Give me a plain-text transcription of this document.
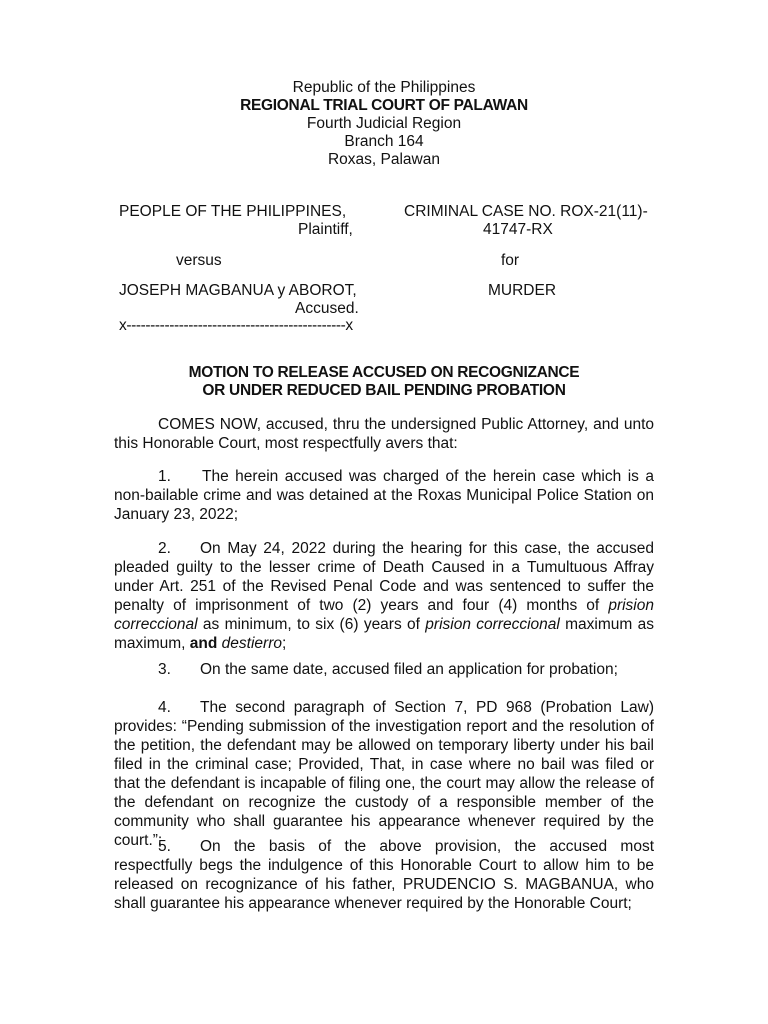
Republic of the Philippines
REGIONAL TRIAL COURT OF PALAWAN
Fourth Judicial Region
Branch 164
Roxas, Palawan
PEOPLE OF THE PHILIPPINES,
Plaintiff,
versus
JOSEPH MAGBANUA y ABOROT,
Accused.
x----------------------------------------------x
CRIMINAL CASE NO. ROX-21(11)-
41747-RX
for
MURDER
MOTION TO RELEASE ACCUSED ON RECOGNIZANCE
OR UNDER REDUCED BAIL PENDING PROBATION

COMES NOW, accused, thru the undersigned Public Attorney, and unto this Honorable Court, most respectfully avers that:

1. The herein accused was charged of the herein case which is a non-bailable crime and was detained at the Roxas Municipal Police Station on January 23, 2022;

2. On May 24, 2022 during the hearing for this case, the accused pleaded guilty to the lesser crime of Death Caused in a Tumultuous Affray under Art. 251 of the Revised Penal Code and was sentenced to suffer the penalty of imprisonment of two (2) years and four (4) months of prision correccional as minimum, to six (6) years of prision correccional maximum as maximum, and destierro;

3. On the same date, accused filed an application for probation;

4. The second paragraph of Section 7, PD 968 (Probation Law) provides: “Pending submission of the investigation report and the resolution of the petition, the defendant may be allowed on temporary liberty under his bail filed in the criminal case; Provided, That, in case where no bail was filed or that the defendant is incapable of filing one, the court may allow the release of the defendant on recognize the custody of a responsible member of the community who shall guarantee his appearance whenever required by the court.”;

5. On the basis of the above provision, the accused most respectfully begs the indulgence of this Honorable Court to allow him to be released on recognizance of his father, PRUDENCIO S. MAGBANUA, who shall guarantee his appearance whenever required by the Honorable Court;
